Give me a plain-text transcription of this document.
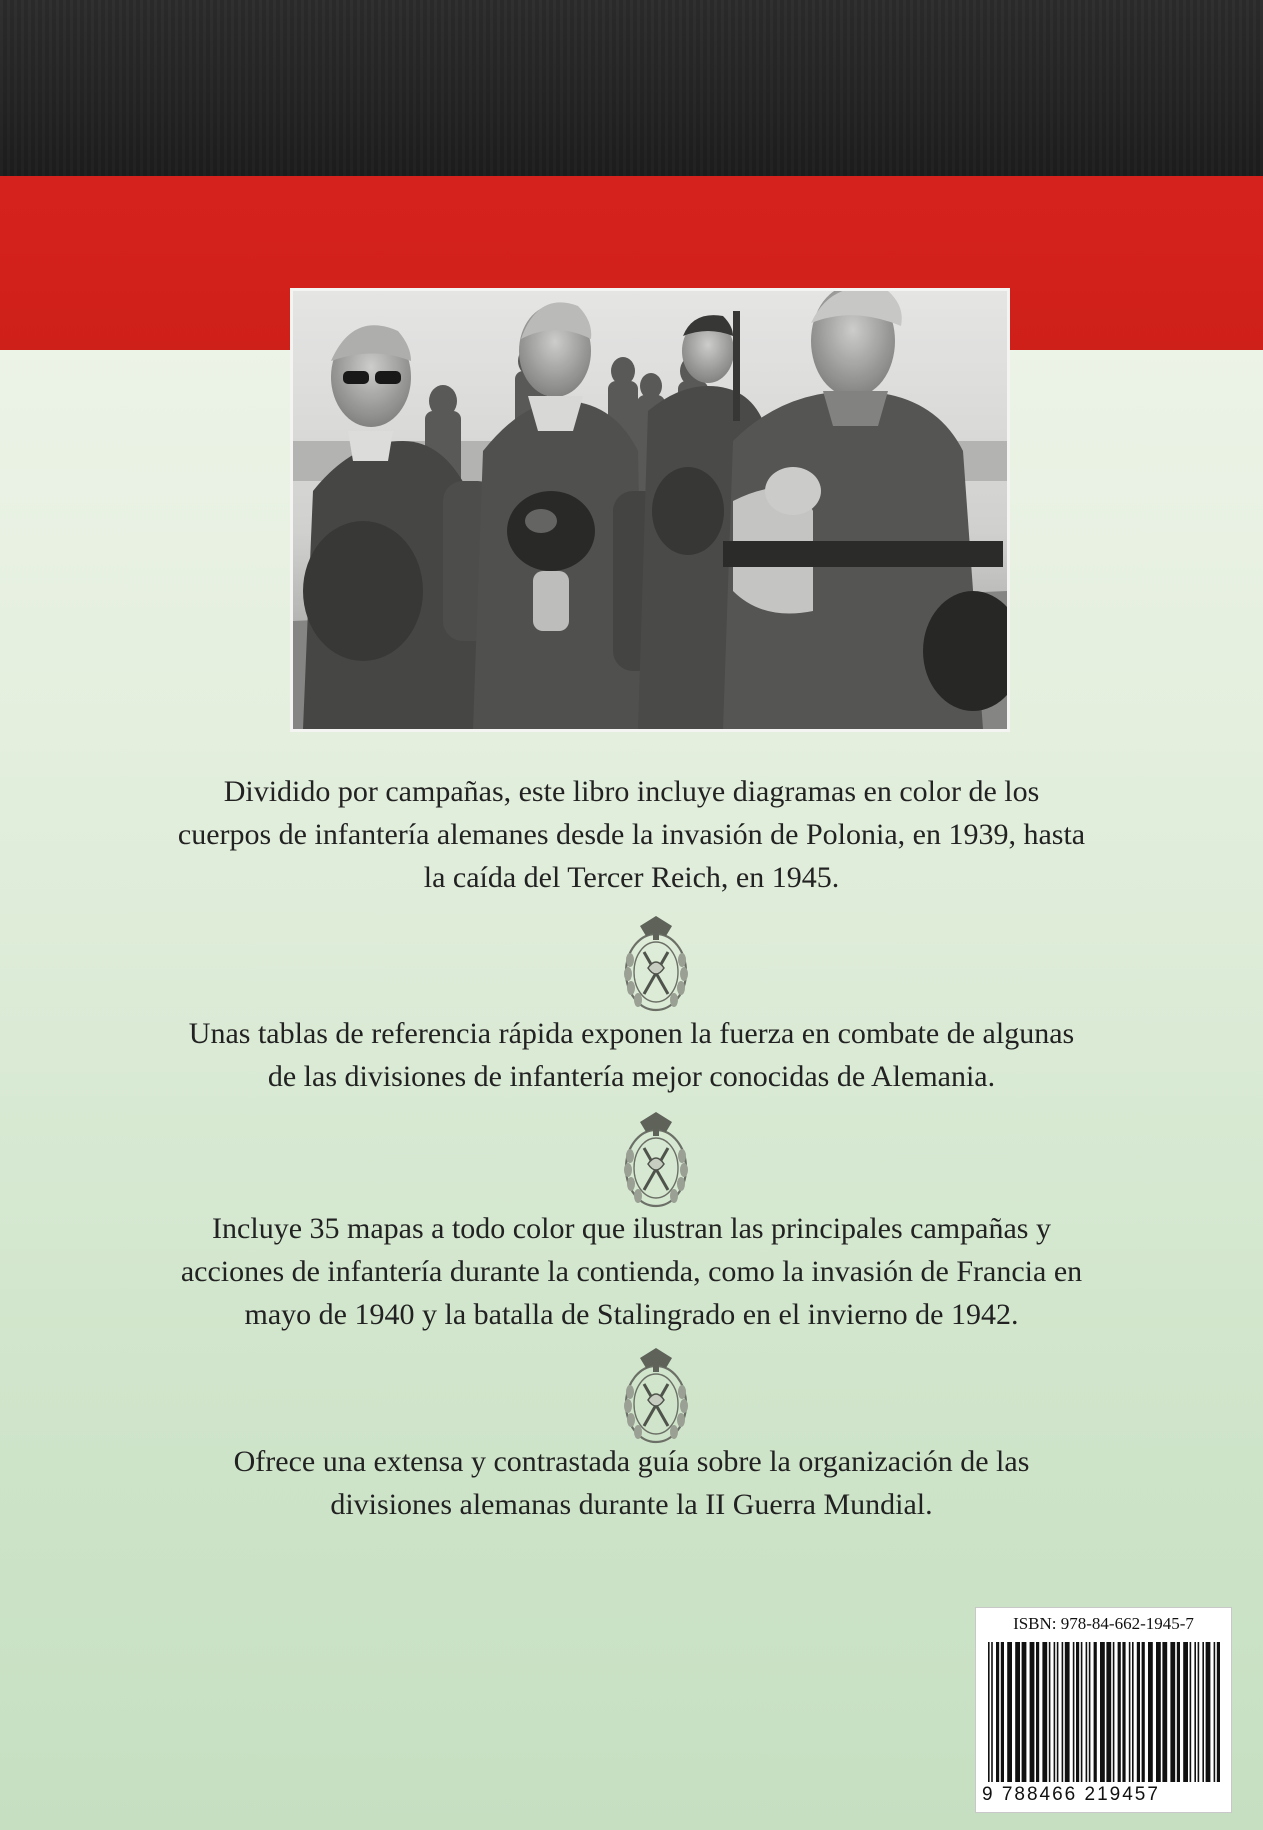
Dividido por campañas, este libro incluye diagramas en color de los

cuerpos de infantería alemanes desde la invasión de Polonia, en 1939, hasta

la caída del Tercer Reich, en 1945.

Unas tablas de referencia rápida exponen la fuerza en combate de algunas

de las divisiones de infantería mejor conocidas de Alemania.

Incluye 35 mapas a todo color que ilustran las principales campañas y

acciones de infantería durante la contienda, como la invasión de Francia en

mayo de 1940 y la batalla de Stalingrado en el invierno de 1942.

Ofrece una extensa y contrastada guía sobre la organización de las

divisiones alemanas durante la II Guerra Mundial.

ISBN: 978-84-662-1945-7
9 788466 219457
